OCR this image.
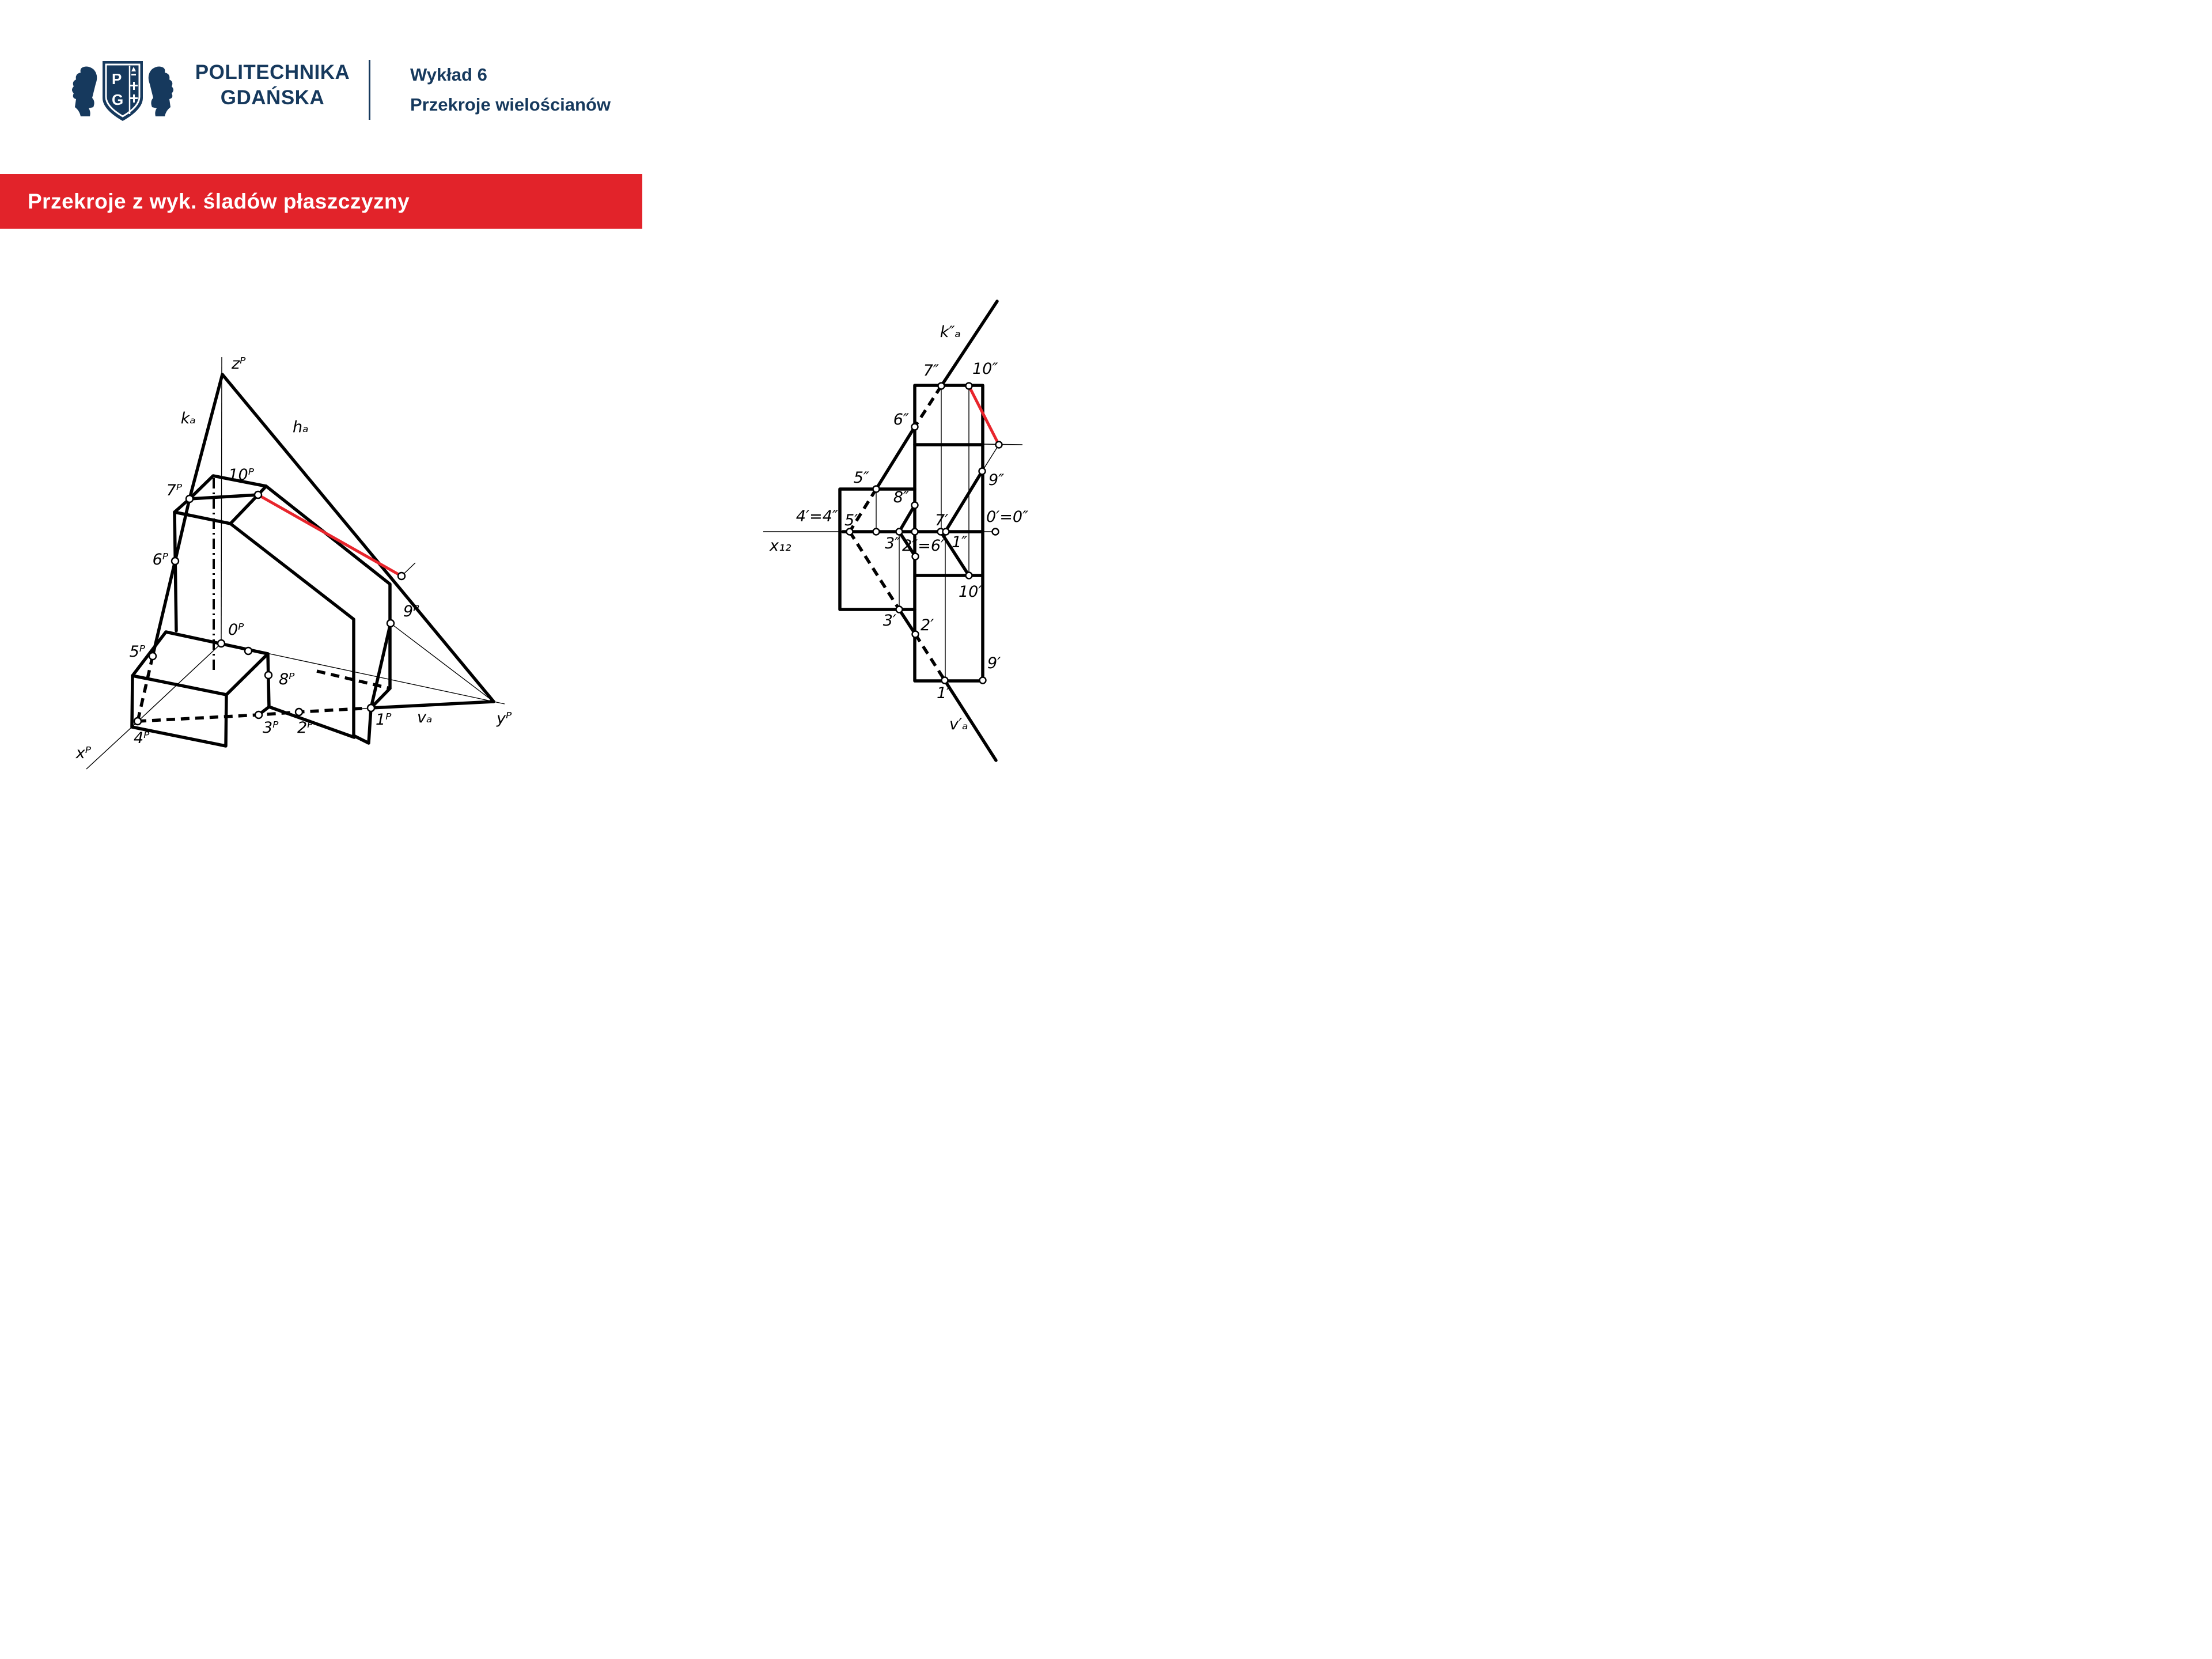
P
G
POLITECHNIKA
GDAŃSKA
Wykład 6
Przekroje wielościanów
Przekroje z wyk. śladów płaszczyzny
zᴾ
kₐ	hₐ
10ᴾ
7ᴾ
6ᴾ
5ᴾ
4ᴾ
0ᴾ
8ᴾ
3ᴾ 2ᴾ	1ᴾ
9ᴾ
vₐ	yᴾ
xᴾ
k″ₐ
7″ 10″
6″
5″
8″
9″
4′=4″ 5′
x₁₂	3″ 2″=6′
7′
1″
0′=0″
10′
3′ 2′
9′
1′
v′ₐ
